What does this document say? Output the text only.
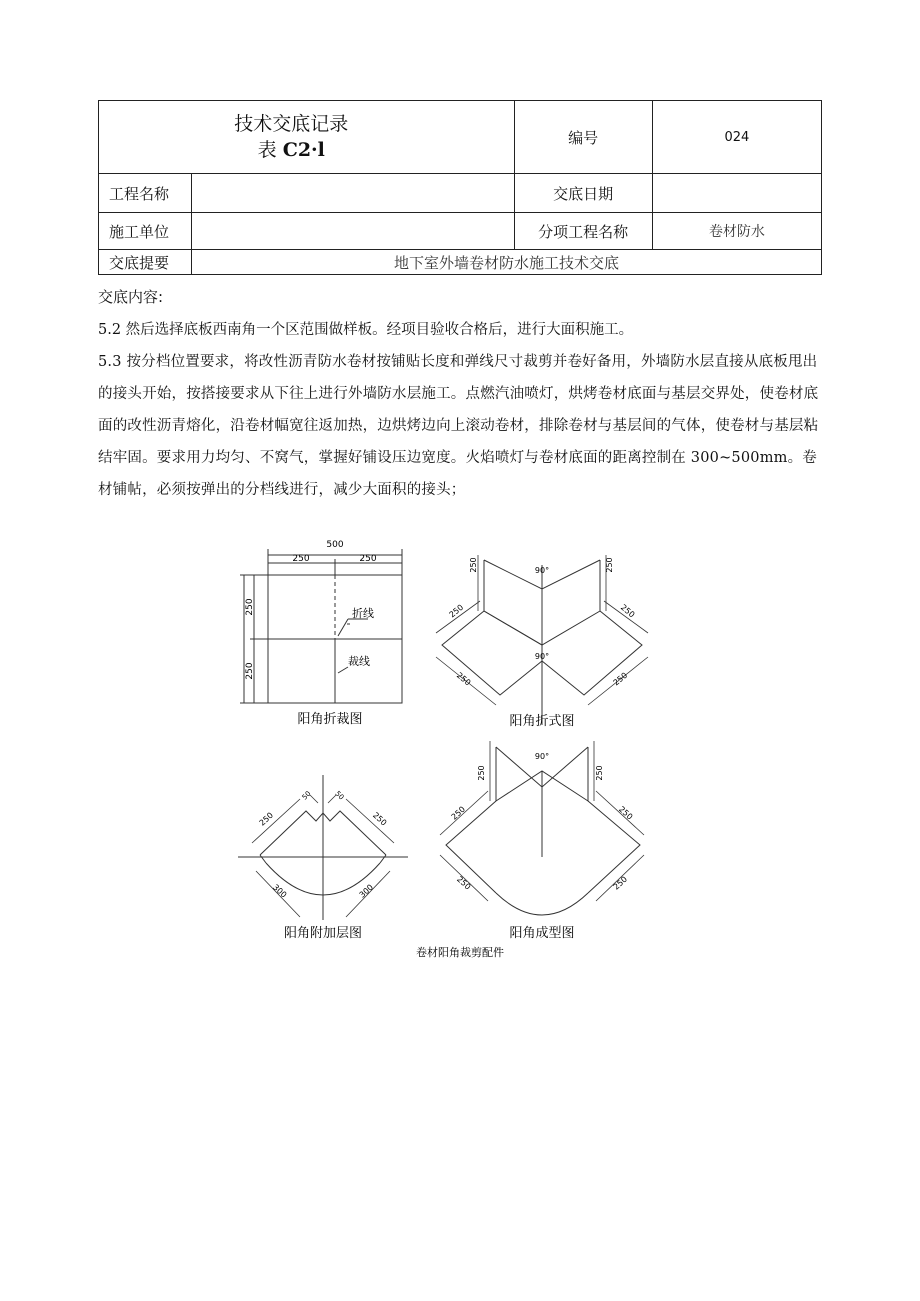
技术交底记录
表 C2·l		编号	024
工程名称		交底日期	
施工单位		分项工程名称	卷材防水
交底提要	地下室外墙卷材防水施工技术交底		
交底内容:
5.2 然后选择底板西南角一个区范围做样板。经项目验收合格后，进行大面积施工。
5.3 按分档位置要求，将改性沥青防水卷材按铺贴长度和弹线尺寸裁剪并卷好备用，外墙防水层直接从底板甩出的接头开始，按搭接要求从下往上进行外墙防水层施工。点燃汽油喷灯，烘烤卷材底面与基层交界处，使卷材底面的改性沥青熔化，沿卷材幅宽往返加热，边烘烤边向上滚动卷材，排除卷材与基层间的气体，使卷材与基层粘结牢固。要求用力均匀、不窝气，掌握好铺设压边宽度。火焰喷灯与卷材底面的距离控制在 300~500mm。卷材铺帖，必须按弹出的分档线进行，减少大面积的接头；
500
250	250
250
250
折线
裁线
阳角折裁图
90°
90°
250	250
250	250
250	250
阳角折式图
250	250
50	50
300	300
阳角附加层图
90°
250	250
250	250
250	250
阳角成型图
卷材阳角裁剪配件
